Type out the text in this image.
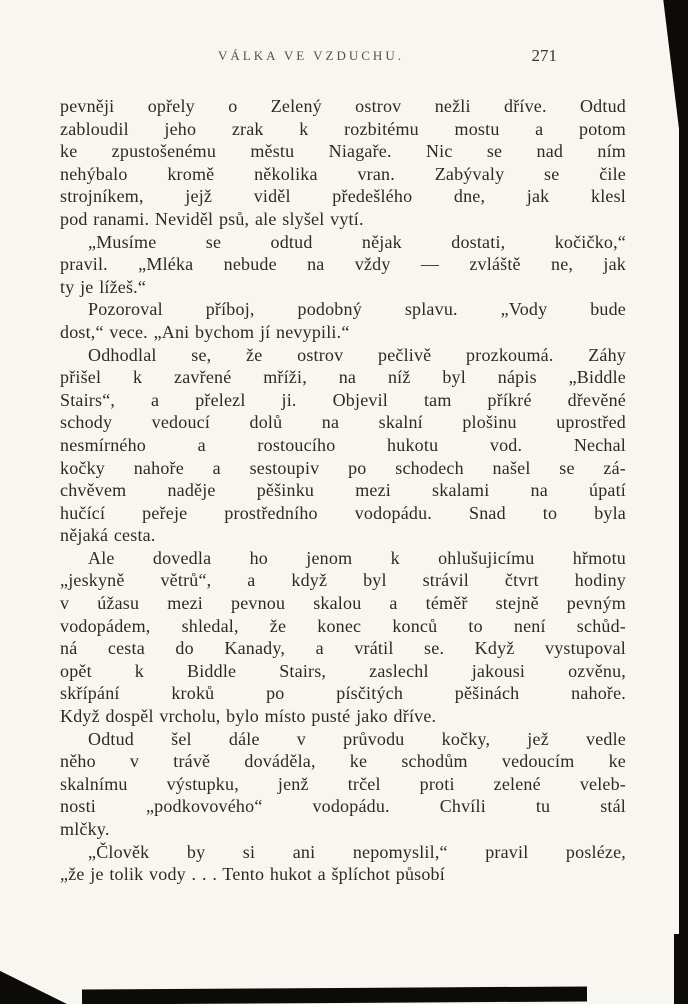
VÁLKA VE VZDUCHU.	271
pevněji opřely o Zelený ostrov nežli dříve. Odtud
zabloudil jeho zrak k rozbitému mostu a potom
ke zpustošenému městu Niagaře. Nic se nad ním
nehýbalo kromě několika vran. Zabývaly se čile
strojníkem, jejž viděl předešlého dne, jak klesl
pod ranami. Neviděl psů, ale slyšel vytí.
„Musíme se odtud nějak dostati, kočičko,“
pravil. „Mléka nebude na vždy — zvláště ne, jak
ty je lížeš.“
Pozoroval příboj, podobný splavu. „Vody bude
dost,“ vece. „Ani bychom jí nevypili.“
Odhodlal se, že ostrov pečlivě prozkoumá. Záhy
přišel k zavřené mříži, na níž byl nápis „Biddle
Stairs“, a přelezl ji. Objevil tam příkré dřevěné
schody vedoucí dolů na skalní plošinu uprostřed
nesmírného a rostoucího hukotu vod. Nechal
kočky nahoře a sestoupiv po schodech našel se zá-
chvěvem naděje pěšinku mezi skalami na úpatí
hučící peřeje prostředního vodopádu. Snad to byla
nějaká cesta.
Ale dovedla ho jenom k ohlušujicímu hřmotu
„jeskyně větrů“, a když byl strávil čtvrt hodiny
v úžasu mezi pevnou skalou a téměř stejně pevným
vodopádem, shledal, že konec konců to není schůd-
ná cesta do Kanady, a vrátil se. Když vystupoval
opět k Biddle Stairs, zaslechl jakousi ozvěnu,
skřípání kroků po písčitých pěšinách nahoře.
Když dospěl vrcholu, bylo místo pusté jako dříve.
Odtud šel dále v průvodu kočky, jež vedle
něho v trávě dováděla, ke schodům vedoucím ke
skalnímu výstupku, jenž trčel proti zelené veleb-
nosti „podkovového“ vodopádu. Chvíli tu stál
mlčky.
„Člověk by si ani nepomyslil,“ pravil posléze,
„že je tolik vody . . . Tento hukot a šplíchot působí
